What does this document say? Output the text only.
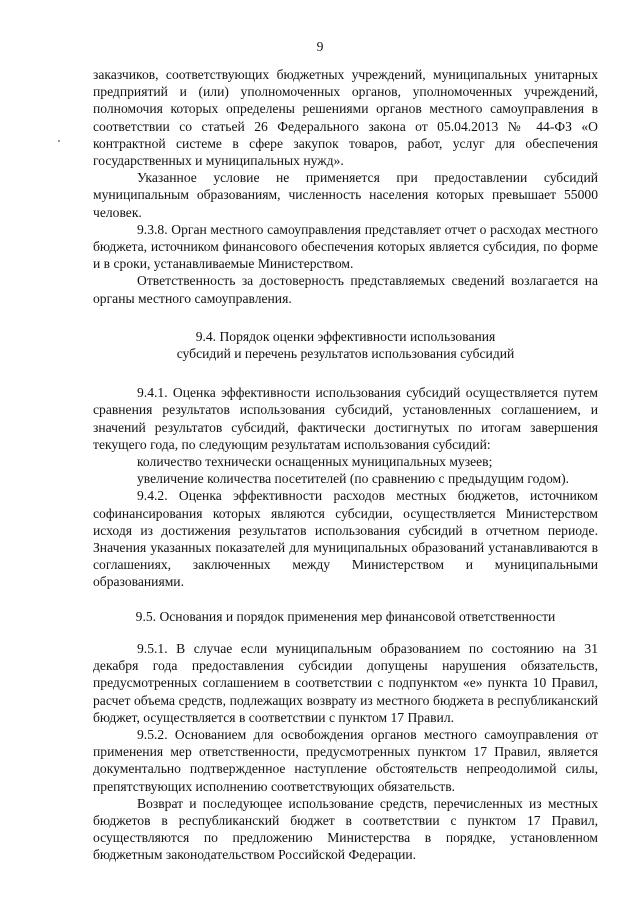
9

заказчиков, соответствующих бюджетных учреждений, муниципальных унитарных предприятий и (или) уполномоченных органов, уполномоченных учреждений, полномочия которых определены решениями органов местного самоуправления в соответствии со статьей 26 Федерального закона от 05.04.2013 № 44-ФЗ «О контрактной системе в сфере закупок товаров, работ, услуг для обеспечения государственных и муниципальных нужд».

Указанное условие не применяется при предоставлении субсидий муниципальным образованиям, численность населения которых превышает 55000 человек.

9.3.8. Орган местного самоуправления представляет отчет о расходах местного бюджета, источником финансового обеспечения которых является субсидия, по форме и в сроки, устанавливаемые Министерством.

Ответственность за достоверность представляемых сведений возлагается на органы местного самоуправления.

9.4. Порядок оценки эффективности использования

субсидий и перечень результатов использования субсидий

9.4.1. Оценка эффективности использования субсидий осуществляется путем сравнения результатов использования субсидий, установленных соглашением, и значений результатов субсидий, фактически достигнутых по итогам завершения текущего года, по следующим результатам использования субсидий:

количество технически оснащенных муниципальных музеев;

увеличение количества посетителей (по сравнению с предыдущим годом).

9.4.2. Оценка эффективности расходов местных бюджетов, источником софинансирования которых являются субсидии, осуществляется Министерством исходя из достижения результатов использования субсидий в отчетном периоде. Значения указанных показателей для муниципальных образований устанавливаются в соглашениях, заключенных между Министерством и муниципальными образованиями.

9.5. Основания и порядок применения мер финансовой ответственности

9.5.1. В случае если муниципальным образованием по состоянию на 31 декабря года предоставления субсидии допущены нарушения обязательств, предусмотренных соглашением в соответствии с подпунктом «е» пункта 10 Правил, расчет объема средств, подлежащих возврату из местного бюджета в республиканский бюджет, осуществляется в соответствии с пунктом 17 Правил.

9.5.2. Основанием для освобождения органов местного самоуправления от применения мер ответственности, предусмотренных пунктом 17 Правил, является документально подтвержденное наступление обстоятельств непреодолимой силы, препятствующих исполнению соответствующих обязательств.

Возврат и последующее использование средств, перечисленных из местных бюджетов в республиканский бюджет в соответствии с пунктом 17 Правил, осуществляются по предложению Министерства в порядке, установленном бюджетным законодательством Российской Федерации.
